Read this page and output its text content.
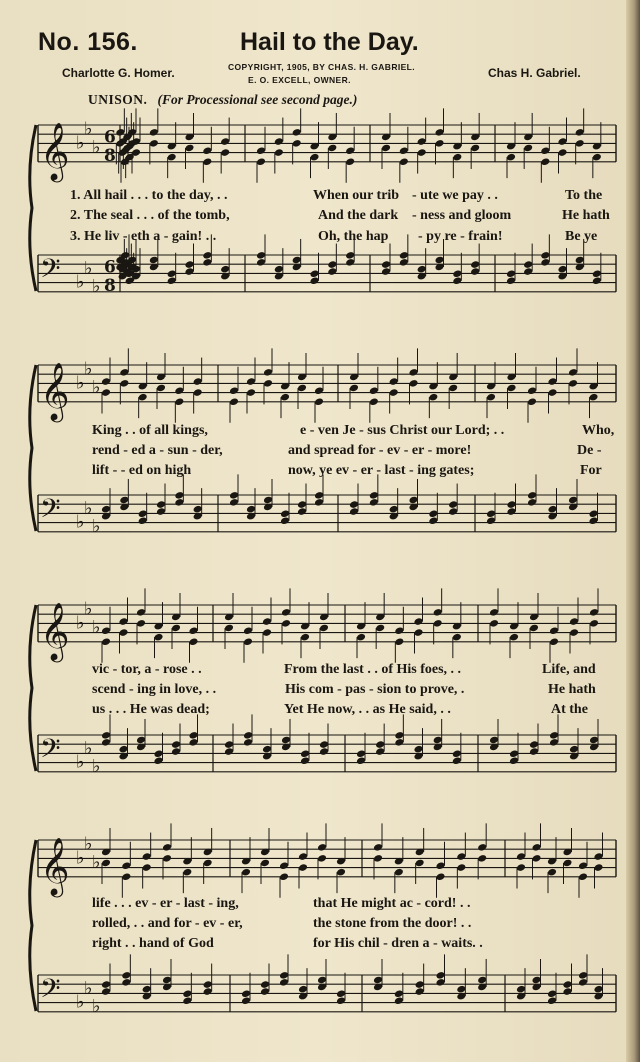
No. 156.	Hail to the Day.
Charlotte G. Homer.	Chas H. Gabriel.
COPYRIGHT, 1905, BY CHAS. H. GABRIEL.
E. O. EXCELL, OWNER.
UNISON. (For Processional see second page.)
𝄞 ♭
♭
♭ 6
8
𝄢 ♭
♭
♭
6
8
𝄞 ♭
♭
♭
𝄢 ♭
♭
♭
𝄞 ♭
♭
♭
𝄢 ♭
♭
♭
𝄞 ♭
♭
♭
𝄢 ♭
♭
♭
1. All hail . . . to the day, . .	When our trib - ute we pay . .	To the
2. The seal . . . of the tomb,	And the dark - ness and gloom	He hath
3. He liv - eth a - gain! . .	Oh, the hap - py re - frain!	Be ye
King . . of all kings,	e - ven Je - sus Christ our Lord; . .	Who,
rend - ed a - sun - der,	and spread for - ev - er - more!	De -
lift - - ed on high	now, ye ev - er - last - ing gates;	For
vic - tor, a - rose . .	From the last . . of His foes, . .	Life, and
scend - ing in love, . .	His com - pas - sion to prove, .	He hath
us . . . He was dead;	Yet He now, . . as He said, . .	At the
life . . . ev - er - last - ing,	that He might ac - cord! . .
rolled, . . and for - ev - er,	the stone from the door! . .
right . . hand of God	for His chil - dren a - waits. .
